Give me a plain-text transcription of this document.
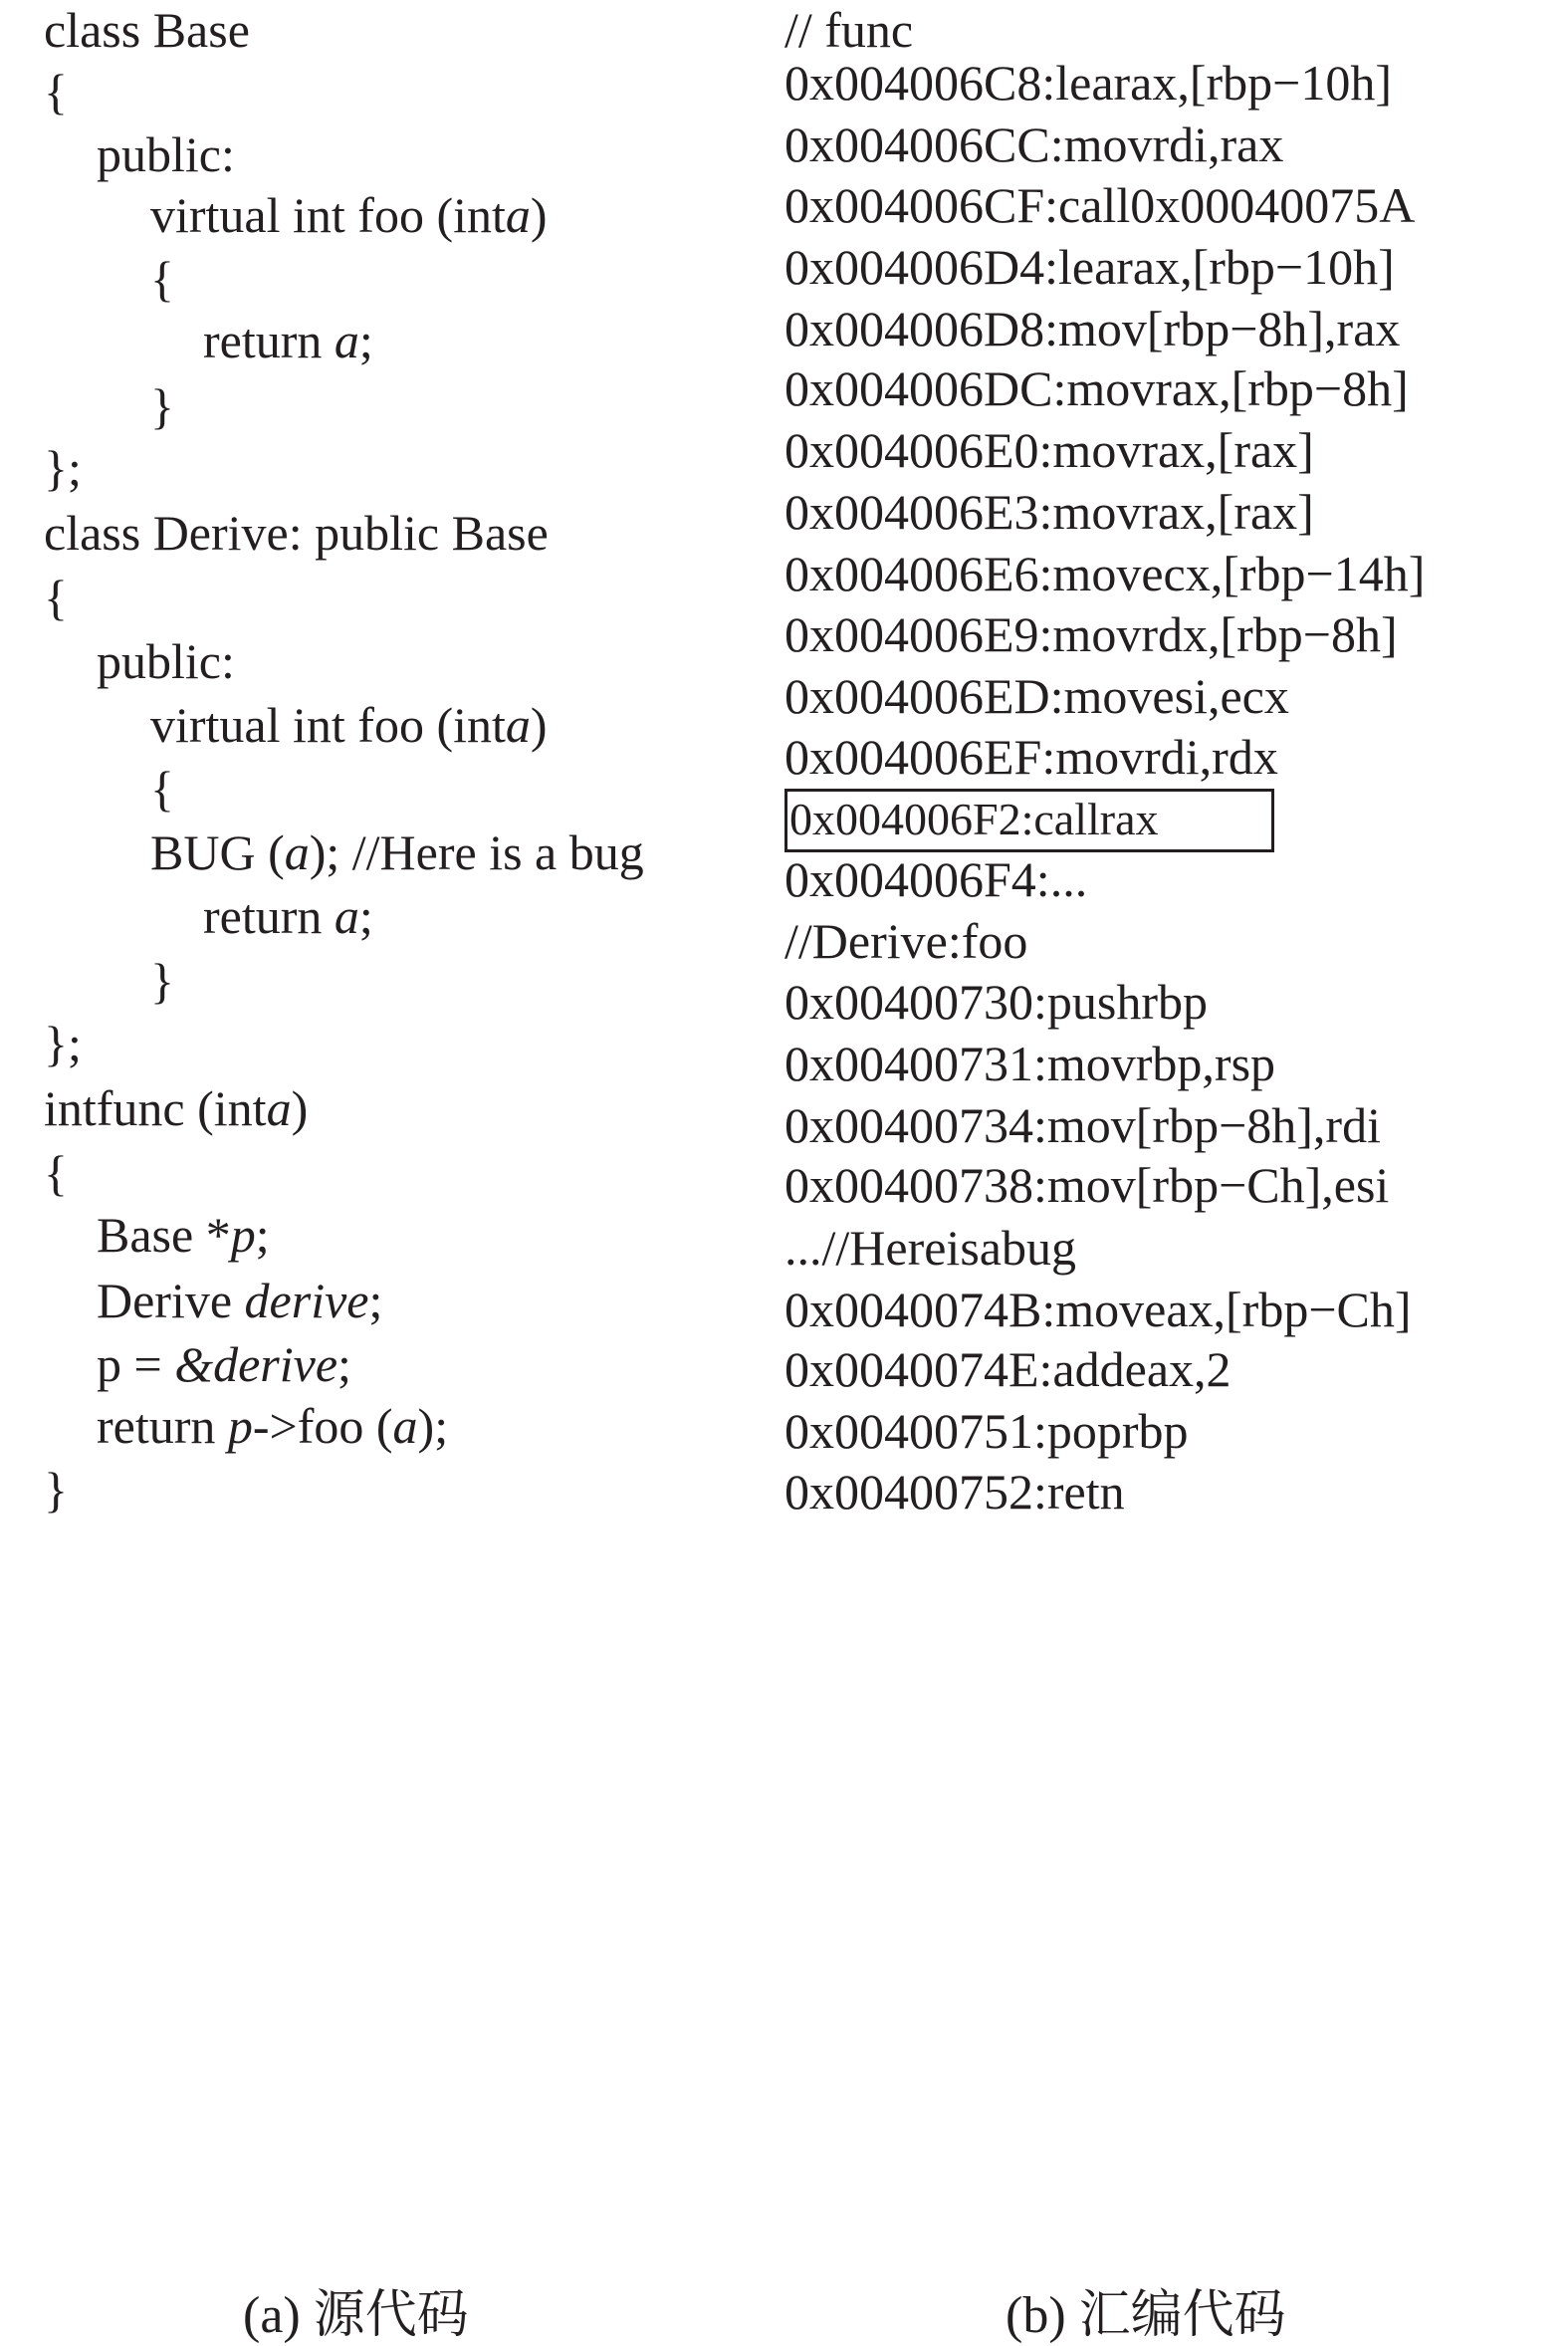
class Base
{
public:
virtual int foo (inta)
{
return a;
}
};
class Derive: public Base
{
public:
virtual int foo (inta)
{
BUG (a); //Here is a bug
return a;
}
};
intfunc (inta)
{
Base *p;
Derive derive;
p = &derive;
return p->foo (a);
}
// func
0x004006C8:learax,[rbp−10h]
0x004006CC:movrdi,rax
0x004006CF:call0x00040075A
0x004006D4:learax,[rbp−10h]
0x004006D8:mov[rbp−8h],rax
0x004006DC:movrax,[rbp−8h]
0x004006E0:movrax,[rax]
0x004006E3:movrax,[rax]
0x004006E6:movecx,[rbp−14h]
0x004006E9:movrdx,[rbp−8h]
0x004006ED:movesi,ecx
0x004006EF:movrdi,rdx
0x004006F2:callrax
0x004006F4:...
//Derive:foo
0x00400730:pushrbp
0x00400731:movrbp,rsp
0x00400734:mov[rbp−8h],rdi
0x00400738:mov[rbp−Ch],esi
...//Hereisabug
0x0040074B:moveax,[rbp−Ch]
0x0040074E:addeax,2
0x00400751:poprbp
0x00400752:retn
(a) 源代码	(b) 汇编代码
